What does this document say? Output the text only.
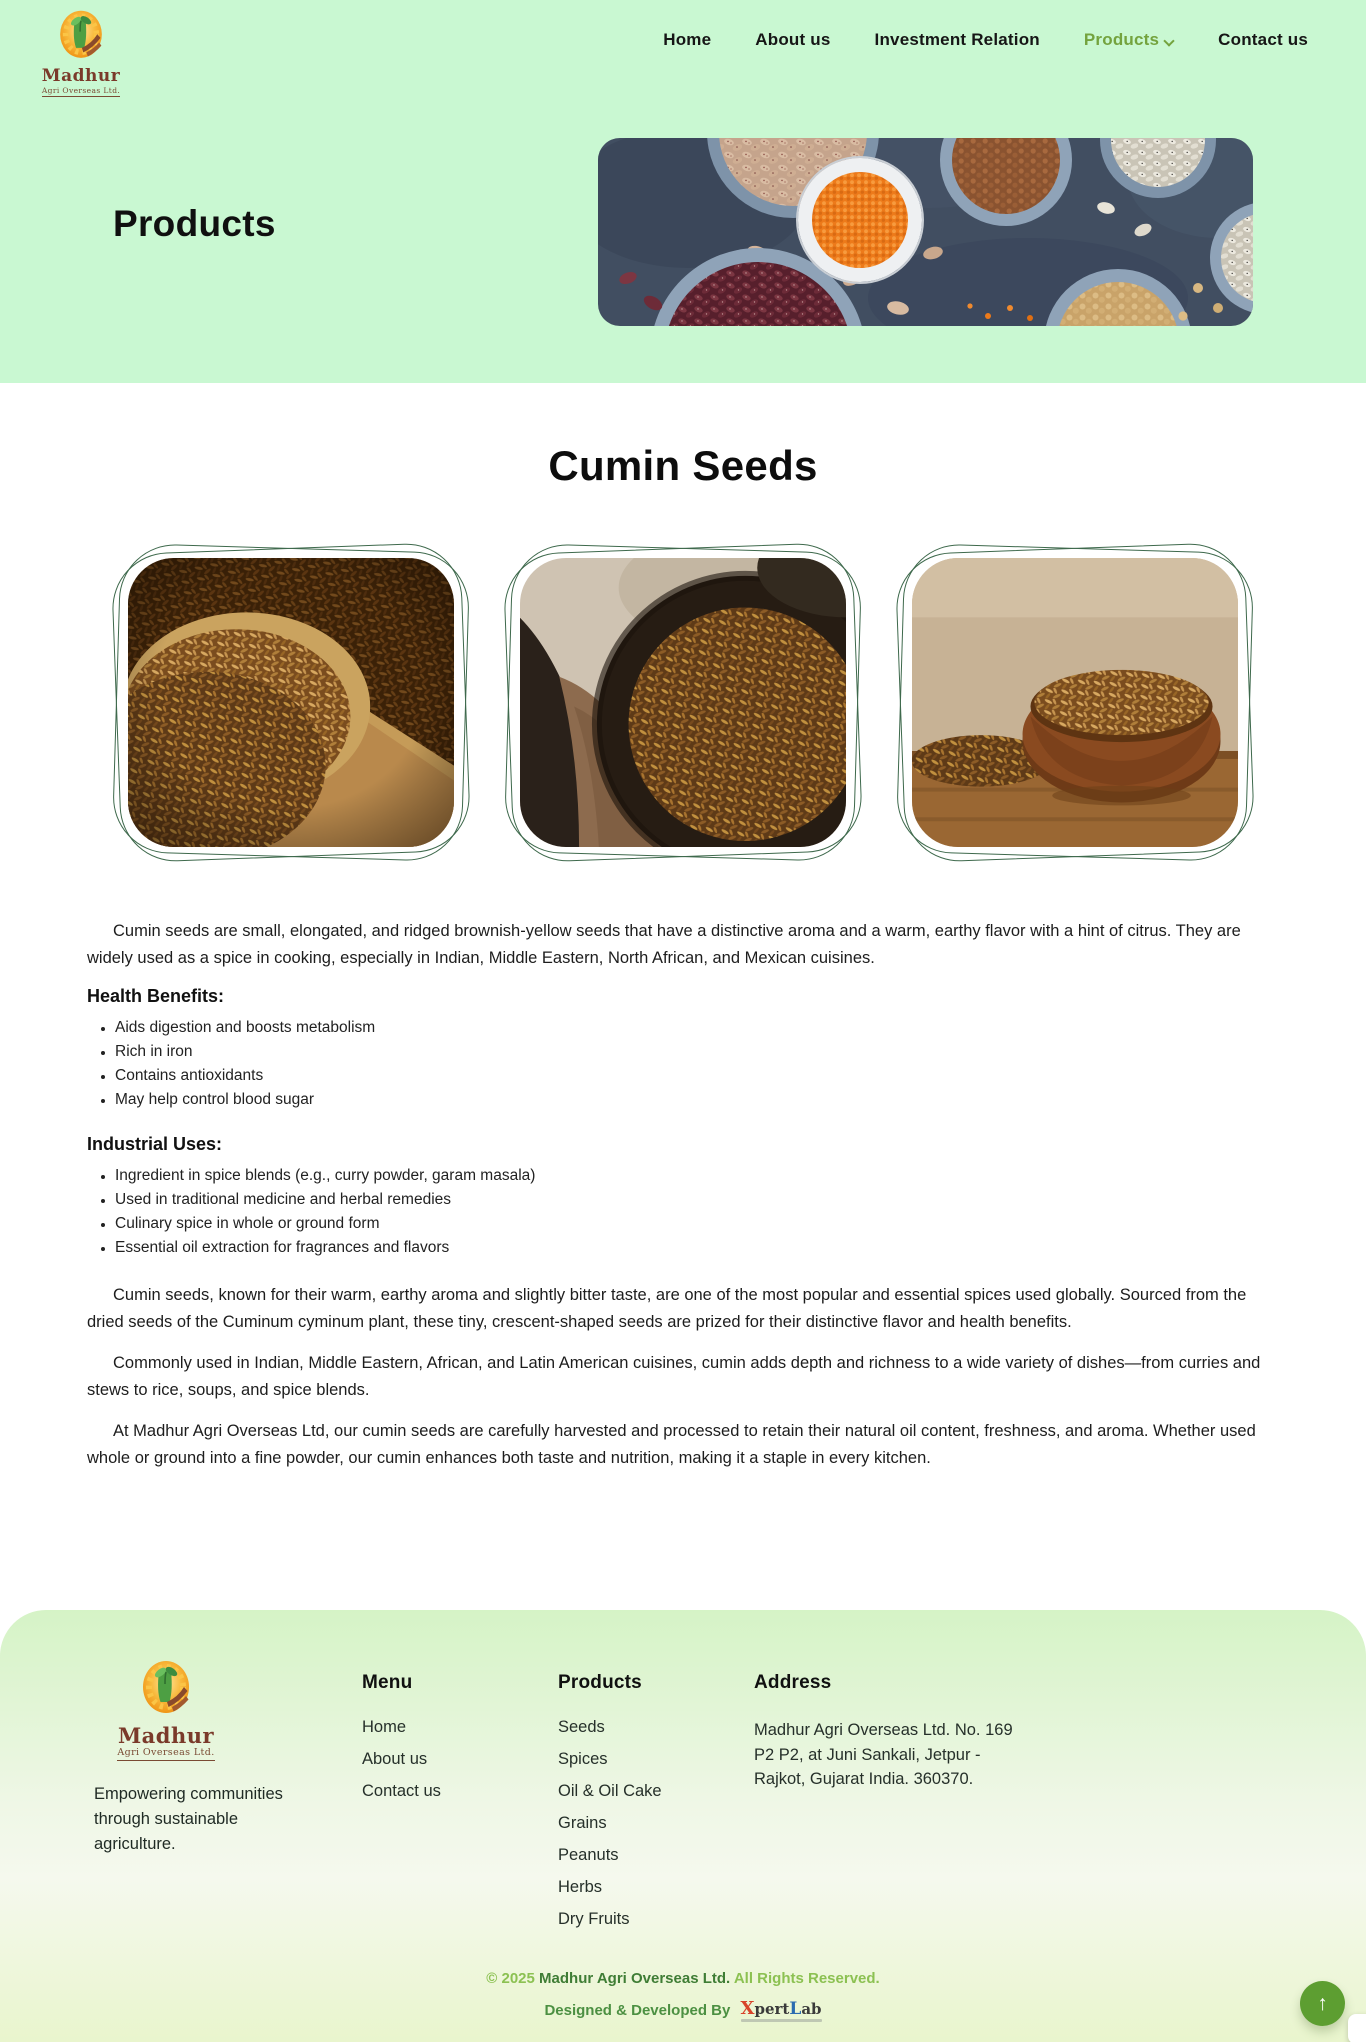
Madhur
Agri Overseas Ltd.
Home	About us	Investment Relation	Products	Contact us
Products
Cumin Seeds

Cumin seeds are small, elongated, and ridged brownish-yellow seeds that have a distinctive aroma and a warm, earthy flavor with a hint of citrus. They are widely used as a spice in cooking, especially in Indian, Middle Eastern, North African, and Mexican cuisines.

Health Benefits:
• Aids digestion and boosts metabolism
• Rich in iron
• Contains antioxidants
• May help control blood sugar
Industrial Uses:
• Ingredient in spice blends (e.g., curry powder, garam masala)
• Used in traditional medicine and herbal remedies
• Culinary spice in whole or ground form
• Essential oil extraction for fragrances and flavors

Cumin seeds, known for their warm, earthy aroma and slightly bitter taste, are one of the most popular and essential spices used globally. Sourced from the dried seeds of the Cuminum cyminum plant, these tiny, crescent-shaped seeds are prized for their distinctive flavor and health benefits.

Commonly used in Indian, Middle Eastern, African, and Latin American cuisines, cumin adds depth and richness to a wide variety of dishes—from curries and stews to rice, soups, and spice blends.

At Madhur Agri Overseas Ltd, our cumin seeds are carefully harvested and processed to retain their natural oil content, freshness, and aroma. Whether used whole or ground into a fine powder, our cumin enhances both taste and nutrition, making it a staple in every kitchen.

Madhur
Agri Overseas Ltd.

Empowering communities through sustainable agriculture.

Menu
Home
About us
Contact us
Products
Seeds
Spices
Oil & Oil Cake
Grains
Peanuts
Herbs
Dry Fruits
Address

Madhur Agri Overseas Ltd. No. 169 P2 P2, at Juni Sankali, Jetpur - Rajkot, Gujarat India. 360370.

© 2025 Madhur Agri Overseas Ltd. All Rights Reserved.
Designed & Developed By XpertLab	↑
